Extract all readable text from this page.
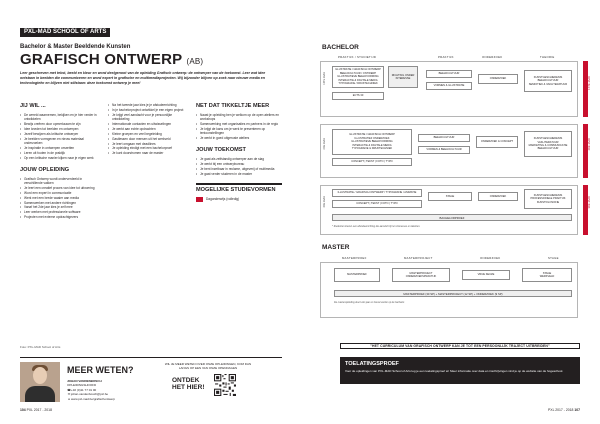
PXL-MAD SCHOOL OF ARTS
Bachelor & Master Beeldende Kunsten
GRAFISCH ONTWERP (AB)
Leer geschreven met tekst, beeld en kleur en word deelgenoot van de opleiding Grafisch ontwerp: de ontwerper van de toekomst. Leer wat idee ontstaan in beelden die communiceren en word expert in grafische en multimediaprojecten. Wij bijzonder blijven op zoek naar nieuwe media en technologieën en blijven niet stilstaan: deze toekomst ontwerp je mee!
JIJ WIL ...
• De wereld waarnemen, bekijken en je hier verder in ontwikkelen
• Bewijs creëren door opmerkzaam te zijn
• Idee kneden tot beelden en ontwerpen
• Jezelf bewijzen als kritische ontwerper
• Je beelden vormgeven en nieuw materiaal onderzoeken
• Je inspiratie in ontwerpen omzetten
• Leren uit fouten in de praktijk
• Op een kritische manier kijken naar je eigen werk
JOUW OPLEIDING
• Grafisch Ontwerp wordt onderverdeeld in verschillende vakken
• Je leert een creatief proces van idee tot uitvoering
• Word een expert in communicatie
• Werk met een brede waaier aan media
• Samenwerken met andere richtingen
• Vanaf het 2de jaar kies je zelf mee
• Leer werken met professionele software
• Projecten met externe opdrachtgevers
• Na het tweede jaar kies je je afstudeerrichting
• In je bachelorproject ontwikkel je een eigen project
• Je krijgt veel aandacht voor je persoonlijke ontwikkeling
• Internationale contacten en uitwisselingen
• Je werkt aan echte opdrachten
• Kleine groepen en veel begeleiding
• Gastlessen door mensen uit het werkveld
• Je leert omgaan met deadlines
• Je opleiding eindigt met een bachelorproef
• Je kunt doorstromen naar de master
NET DAT TIKKELTJE MEER
• Naast je opleiding ben je welkom op de open ateliers en workshops
• Samenwerking met organisaties en partners in de regio
• Je krijgt de kans om je werk te presenteren op tentoonstellingen
• Je werkt in goed uitgeruste ateliers
JOUW TOEKOMST
• Je gaat als zelfstandig ontwerper aan de slag
• Je werkt bij een ontwerpbureau
• Je bent inzetbaar in reclame, uitgeverij of multimedia
• Je gaat verder studeren in de master
MOGELIJKE STUDIEVORMEN
Dagonderwijs (volledig)
Foto: PXL-MAD School of Arts
MEER WETEN?
JOHAN VANDENBOSCH
OPLEIDINGSHOOFD
☎+32 (0)11 77 01 00
✉johan.vandenbosch@pxl.be
●www.pxl-mad.be/grafischontwerp
WIL JE MEER WETEN OVER ONZE OPLEIDINGEN, KOM DAN LANGS OP EEN VAN ONZE OPENDAGEN
ONTDEK
HET HIER!
104 PXL 2017 - 2018
BACHELOR
PRAKTIJK / STUDIETIJD	PRAKTIJK	ONDERZOEK	THEORIE
1STE JAAR
ILLUSTRATIE / GRAFISCH ONTWERP
BEELDCULTUUR / ONTWERP
ILLUSTRATIEVE BEELDVORMING
INTERACTIE & DIGITALE MEDIA
TYPOGRAFIE / DRUKTECHNIEK
RICHTING ONDER INTERESSE
ECTS 30
BEELDCULTUUR
VORMEN & ILLUSTRATIE
ONDERZOEK	KUNSTGESCHIEDENIS
BEELDCULTUUR
SEMIOTIEK & VAKLITERATUUR	1STE JAAR
2DE JAAR
ILLUSTRATIE / GRAFISCH ONTWERP
ILLUSTRATIEF ONDERZOEK
ILLUSTRATIEVE BEELDVORMING
INTERACTIE & DIGITALE MEDIA
TYPOGRAFIE & DRUKTECHNIEK
CONCEPT | TEKST | FOTO | TYPO
BEELDCULTUUR
VORMEN & BEELDCULTUUR
ONDERZOEK & CONCEPT
KUNSTGESCHIEDENIS
VAKLITERATUUR
MARKETING & COMMUNICATIE
BEELDCULTUUR	2DE JAAR
3DE JAAR
ILLUSTRATIE / GRAFISCH ONTWERP / TYPOGRAFIE / ANIMATIE
CONCEPT | TEKST | FOTO | TYPO
STAGE	ONDERZOEK	KUNSTGESCHIEDENIS
PROFESSIONELE PRAKTIJK
KUNSTFILOSOFIE
BACHELORPROEF
* Studenten kiezen een afstudeerrichting die aansluit bij hun interesses en talenten.
3DE JAAR
MASTER
MASTERPROEF	MASTERPROJECT	ONDERZOEK	STAGE
MASTERPROEF
MASTERPROJECT
ONDERZOEKSPRAKTIJK
VRIJE KEUZE
STAGE
WERKVELD
MASTERPROEF (30 SP) + MASTERPROJECT (12 SP) + ONDERZOEK (9 SP)
De masteropleiding duurt één jaar en bouwt verder op de bachelor.
"HET CURRICULUM VAN GRAFISCH ONTWERP KAN JE TOT EEN PERSOONLIJK TRAJECT UITBREIDEN"
TOELATINGSPROEF
Voor de opleidingen van PXL-MAD School of Arts leg je een toelatingsproef af. Meer informatie over data en inschrijvingen vind je op de website van de hogeschool.
PXL 2017 - 2018 107
